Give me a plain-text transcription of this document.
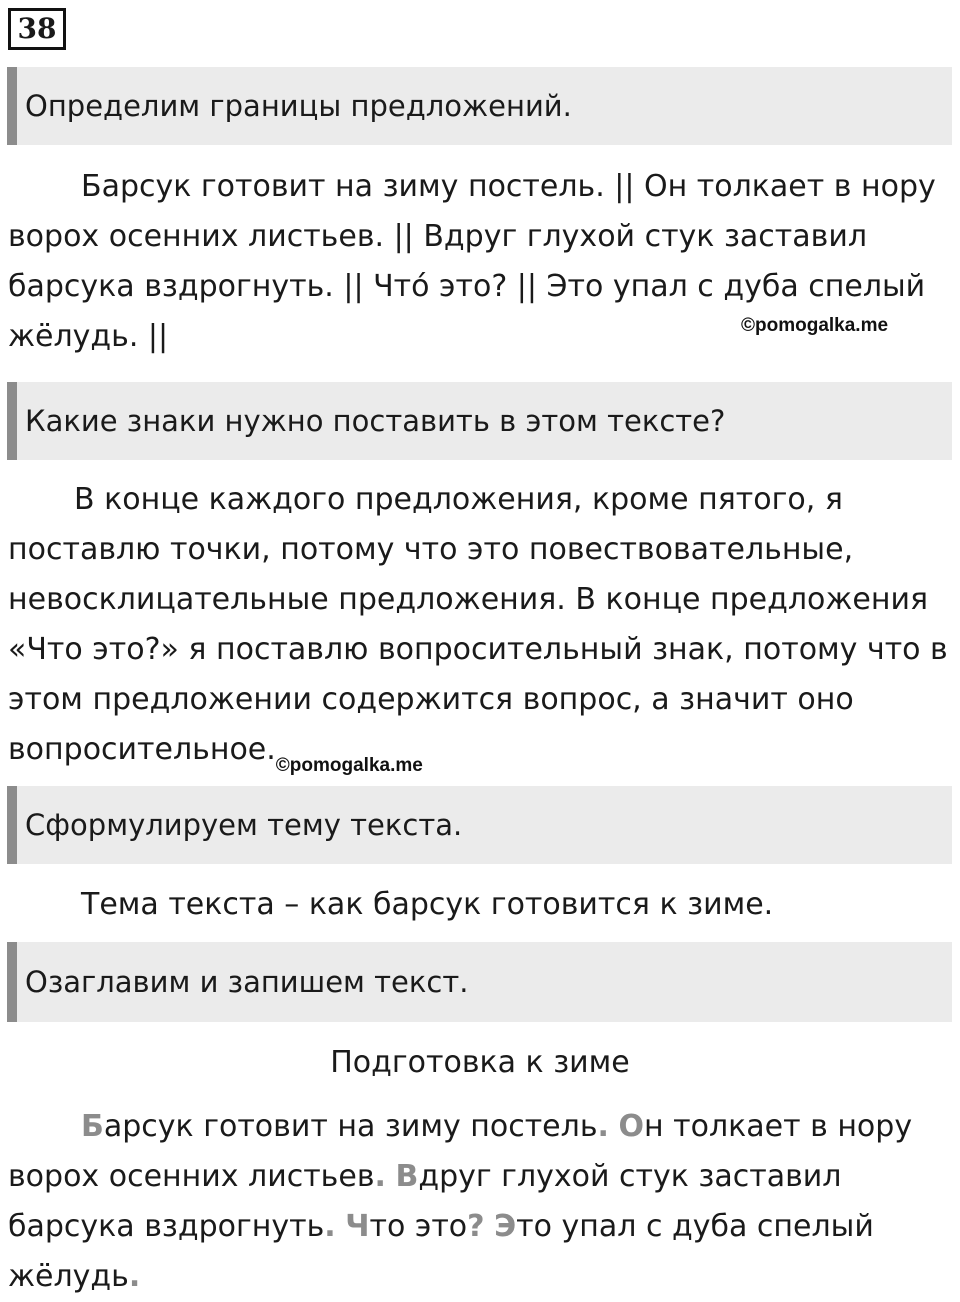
38
Определим границы предложений.
Барсук готовит на зиму постель. || Он толкает в нору
ворох осенних листьев. || Вдруг глухой стук заставил
барсука вздрогнуть. || Что́ это? || Это упал с дуба спелый
жёлудь. ||	©pomogalka.me
Какие знаки нужно поставить в этом тексте?
В конце каждого предложения, кроме пятого, я
поставлю точки, потому что это повествовательные,
невосклицательные предложения. В конце предложения
«Что это?» я поставлю вопросительный знак, потому что в
этом предложении содержится вопрос, а значит оно
$вопросительное._{©pomogalka.me}$
Сформулируем тему текста.
Тема текста – как барсук готовится к зиме.
Озаглавим и запишем текст.
Подготовка к зиме
Барсук готовит на зиму постель. Он толкает в нору
ворох осенних листьев. Вдруг глухой стук заставил
барсука вздрогнуть. Что это? Это упал с дуба спелый
жёлудь.
